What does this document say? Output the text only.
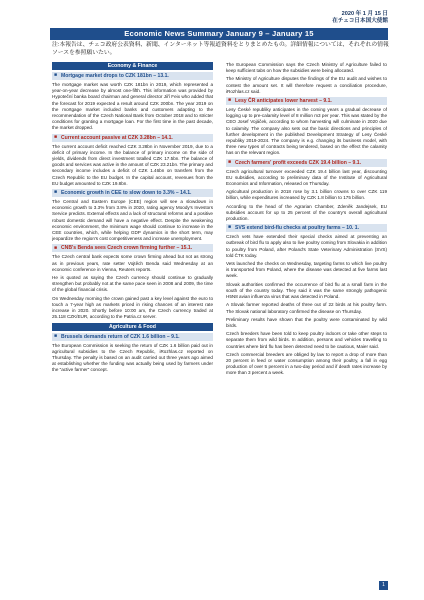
2020 年 1 月 15 日
在チェコ日本国大使館
Economic News Summary January 9 – January 15
注:本報告は、チェコ政府公表資料、新聞、インターネット等報道資料をとりまとめたもの。詳細情報については、それぞれの情報ソースを参照願いたい。
Economy & Finance
■ Mortgage market drops to CZK 181bn – 13.1.

The mortgage market was worth CZK 181bn in 2019, which represented a year-on-year decrease by almost one-fifth. This information was provided by Hypoteční banka board chairman and general director Jiří Feix who added that the forecast for 2019 expected a result around CZK 200bn. The year 2019 on the mortgage market included banks and customers adapting to the recommendation of the Czech National Bank from October 2018 and to stricter conditions for granting a mortgage loan. For the first time in the past decade, the market dropped.

■ Current account passive at CZK 3.28bn – 14.1.

The current account deficit reached CZK 3.28bn in November 2019, due to a deficit of primary income. In the balance of primary income on the side of yields, dividends from direct investment totalled CZK 17.5bn. The balance of goods and services was active in the amount of CZK 23.21bn. The primary and secondary income includes a deficit of CZK 1.46bn on transfers from the Czech Republic to the EU budget. In the capital account, revenues from the EU budget amounted to CZK 19.8bn.

■ Economic growth in CEE to slow down to 3.3% – 14.1.

The Central and Eastern Europe (CEE) region will see a slowdown in economic growth to 3.3% from 3.8% in 2020, rating agency Moody's Investors Service predicts. External effects and a lack of structural reforms and a positive robust domestic demand will have a negative effect. Despite the weakening economic environment, the minimum wage should continue to increase in the CEE countries, which, while helping GDP dynamics in the short term, may jeopardize the region's cost competitiveness and increase unemployment.

■ CNB's Benda sees Czech crown firming further – 15.1.

The Czech central bank expects some crown firming ahead but not as strong as in previous years, rate setter Vojtěch Benda said Wednesday at an economic conference in Vienna, Reuters reports.

He is quoted as saying the Czech currency should continue to gradually strengthen but probably not at the same pace seen in 2008 and 2009, the time of the global financial crisis.

On Wednesday morning the crown gained past a key level against the euro to touch a 7-year high as markets priced in rising chances of an interest rate increase in 2020. Shortly before 10:00 am, the Czech currency traded at 25.118 CZK/EUR, according to the Patria.cz server.

Agriculture & Food
■ Brussels demands return of CZK 1.6 billion – 9.1.

The European Commission is seeking the return of CZK 1.6 billion paid out in agricultural subsidies to the Czech Republic, iRozhlas.cz reported on Thursday. The penalty is based on an audit carried out three years ago aimed at establishing whether the funding was actually being used by farmers under the “active farmer” concept.

The European Commission says the Czech Ministry of Agriculture failed to keep sufficient tabs on how the subsidies were being allocated.

The Ministry of Agriculture disputes the findings of the EU audit and wishes to contest the amount set. It will therefore request a conciliation procedure, iRozhlas.cz said.

■ Lesy ČR anticipates lower harvest – 9.1.

Lesy České republiky anticipates in the coming years a gradual decrease of logging up to pre-calamity level of 8 million m3 per year. This was stated by the CEO Josef Vojáček, according to whom harvesting will culminate in 2020 due to calamity. The company also sets out the basic directions and principles of further development in the published Development Strategy of Lesy České republiky 2019-2024. The company is e.g. changing its business model, with three new types of contracts being tendered, based on the effect the calamity has on the relevant region.

■ Czech farmers' profit exceeds CZK 19.4 billion – 9.1.

Czech agricultural turnover exceeded CZK 19.4 billion last year, discounting EU subsidies, according to preliminary data of the Institute of Agricultural Economics and Information, released on Thursday.

Agricultural production in 2018 rose by 3.1 billion crowns to over CZK 119 billion, while expenditures increased by CZK 1.8 billion to 175 billion.

According to the head of the Agrarian Chamber, Zdeněk Jandejsek, EU subsidies account for up to 25 percent of the country's overall agricultural production.

■ SVS extend bird-flu checks at poultry farms – 10. 1.

Czech vets have extended their special checks aimed at preventing an outbreak of bird flu to apply also to live poultry coming from Slovakia in addition to poultry from Poland, after Poland's State Veterinary Administration (SVS) told ČTK today.

Vets launched the checks on Wednesday, targeting farms to which live poultry is transported from Poland, where the disease was detected at five farms last week.

Slovak authorities confirmed the occurrence of bird flu at a small farm in the south of the country today. They said it was the same strongly pathogenic H5N8 avian influenza virus that was detected in Poland.

A Slovak farmer reported deaths of three out of 22 birds at his poultry farm. The Slovak national laboratory confirmed the disease on Thursday.

Preliminary results have shown that the poultry were contaminated by wild birds.

Czech breeders have been told to keep poultry indoors or take other steps to separate them from wild birds. In addition, persons and vehicles travelling to countries where bird flu has been detected need to be cautious, Maier said.

Czech commercial breeders are obliged by law to report a drop of more than 20 percent in feed or water consumption among their poultry, a fall in egg production of over 5 percent in a two-day period and if death rates increase by more than 3 percent a week.

1
